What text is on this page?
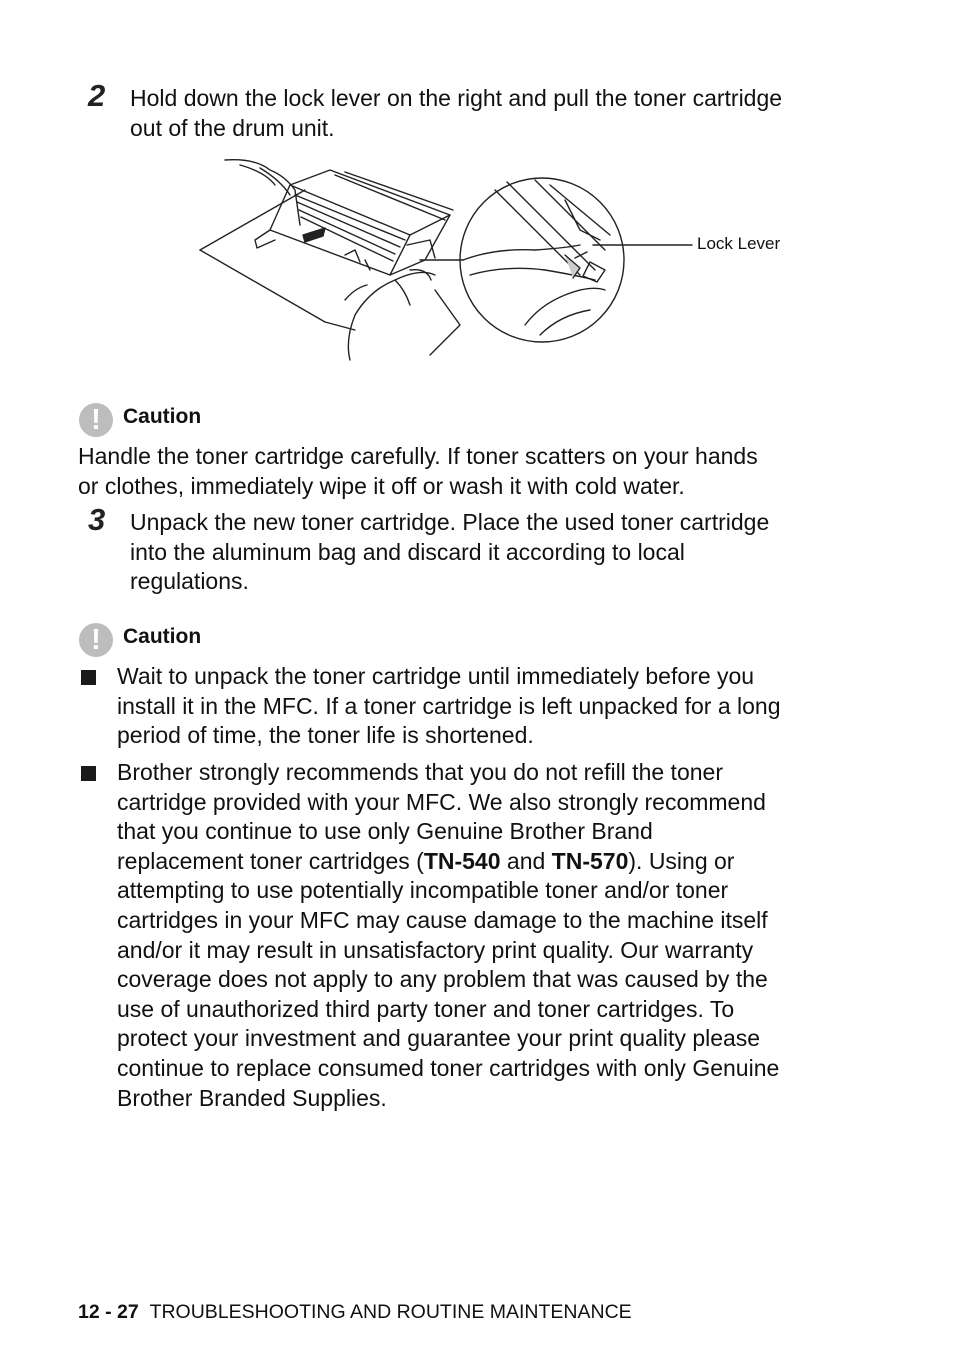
2 Hold down the lock lever on the right and pull the toner cartridge
out of the drum unit.
Lock Lever
!	Caution
Handle the toner cartridge carefully. If toner scatters on your hands
or clothes, immediately wipe it off or wash it with cold water.
3 Unpack the new toner cartridge. Place the used toner cartridge
into the aluminum bag and discard it according to local
regulations.
!	Caution
Wait to unpack the toner cartridge until immediately before you
install it in the MFC. If a toner cartridge is left unpacked for a long
period of time, the toner life is shortened.
Brother strongly recommends that you do not refill the toner
cartridge provided with your MFC. We also strongly recommend
that you continue to use only Genuine Brother Brand
replacement toner cartridges (TN-540 and TN-570). Using or
attempting to use potentially incompatible toner and/or toner
cartridges in your MFC may cause damage to the machine itself
and/or it may result in unsatisfactory print quality. Our warranty
coverage does not apply to any problem that was caused by the
use of unauthorized third party toner and toner cartridges. To
protect your investment and guarantee your print quality please
continue to replace consumed toner cartridges with only Genuine
Brother Branded Supplies.
12 - 27 TROUBLESHOOTING AND ROUTINE MAINTENANCE
